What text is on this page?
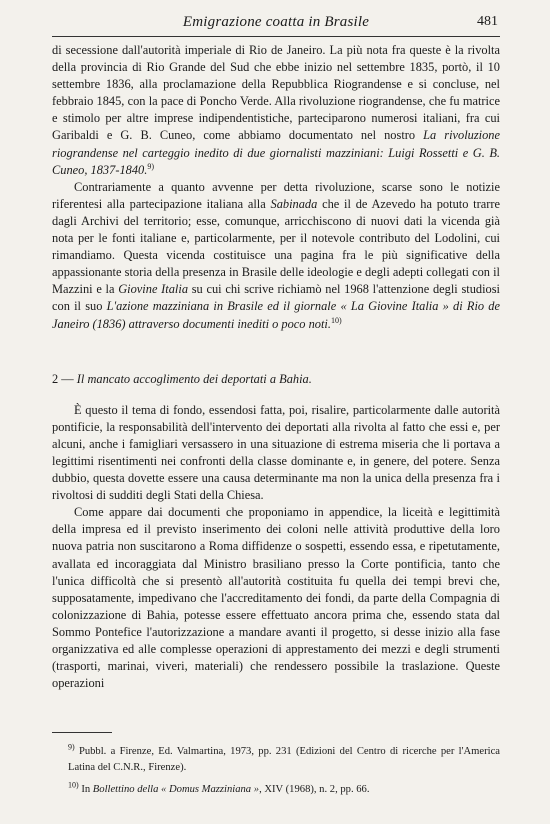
Emigrazione coatta in Brasile	481

di secessione dall'autorità imperiale di Rio de Janeiro. La più nota fra queste è la rivolta della provincia di Rio Grande del Sud che ebbe inizio nel settembre 1835, portò, il 10 settembre 1836, alla proclamazione della Repubblica Riograndense e si concluse, nel febbraio 1845, con la pace di Poncho Verde. Alla rivoluzione riograndense, che fu matrice e stimolo per altre imprese indipendentistiche, parteciparono numerosi italiani, fra cui Garibaldi e G. B. Cuneo, come abbiamo documentato nel nostro La rivoluzione riograndense nel carteggio inedito di due giornalisti mazziniani: Luigi Rossetti e G. B. Cuneo, 1837-1840.$^{9)}$

Contrariamente a quanto avvenne per detta rivoluzione, scarse sono le notizie riferentesi alla partecipazione italiana alla Sabinada che il de Azevedo ha potuto trarre dagli Archivi del territorio; esse, comunque, arricchiscono di nuovi dati la vicenda già nota per le fonti italiane e, particolarmente, per il notevole contributo del Lodolini, cui rimandiamo. Questa vicenda costituisce una pagina fra le più significative della appassionante storia della presenza in Brasile delle ideologie e degli adepti collegati con il Mazzini e la Giovine Italia su cui chi scrive richiamò nel 1968 l'attenzione degli studiosi con il suo L'azione mazziniana in Brasile ed il giornale « La Giovine Italia » di Rio de Janeiro (1836) attraverso documenti inediti o poco noti.$^{10)}$

2 — Il mancato accoglimento dei deportati a Bahia.

È questo il tema di fondo, essendosi fatta, poi, risalire, particolarmente dalle autorità pontificie, la responsabilità dell'intervento dei deportati alla rivolta al fatto che essi e, per alcuni, anche i famigliari versassero in una situazione di estrema miseria che li portava a legittimi risentimenti nei confronti della classe dominante e, in genere, del potere. Senza dubbio, questa dovette essere una causa determinante ma non la unica della presenza fra i rivoltosi di sudditi degli Stati della Chiesa.

Come appare dai documenti che proponiamo in appendice, la liceità e legittimità della impresa ed il previsto inserimento dei coloni nelle attività produttive della loro nuova patria non suscitarono a Roma diffidenze o sospetti, essendo essa, e ripetutamente, avallata ed incoraggiata dal Ministro brasiliano presso la Corte pontificia, tanto che l'unica difficoltà che si presentò all'autorità costituita fu quella dei tempi brevi che, supposatamente, impedivano che l'accreditamento dei fondi, da parte della Compagnia di colonizzazione di Bahia, potesse essere effettuato ancora prima che, essendo stata dal Sommo Pontefice l'autorizzazione a mandare avanti il progetto, si desse inizio alla fase organizzativa ed alle complesse operazioni di apprestamento dei mezzi e degli strumenti (trasporti, marinai, viveri, materiali) che rendessero possibile la traslazione. Queste operazioni

$^{9)}$ Pubbl. a Firenze, Ed. Valmartina, 1973, pp. 231 (Edizioni del Centro di ricerche per l'America Latina del C.N.R., Firenze).

$^{10)}$ In Bollettino della « Domus Mazziniana », XIV (1968), n. 2, pp. 66.
